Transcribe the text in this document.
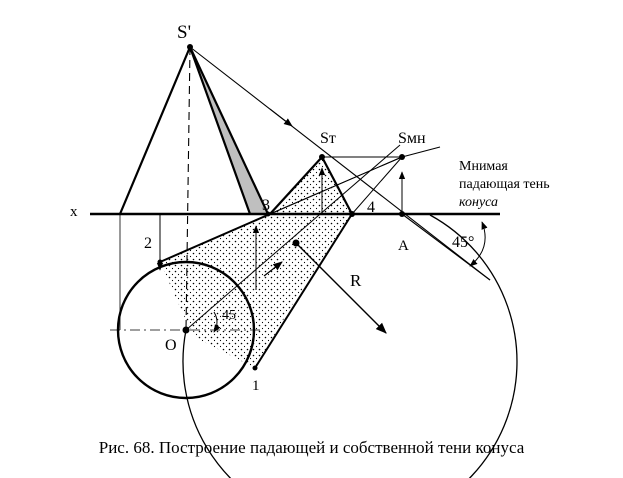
S'
Sт	Sмн
x
2
3	4
A
1
O
R
45
45°
Мнимая
падающая тень
конуса
Рис. 68. Построение падающей и собственной тени конуса
